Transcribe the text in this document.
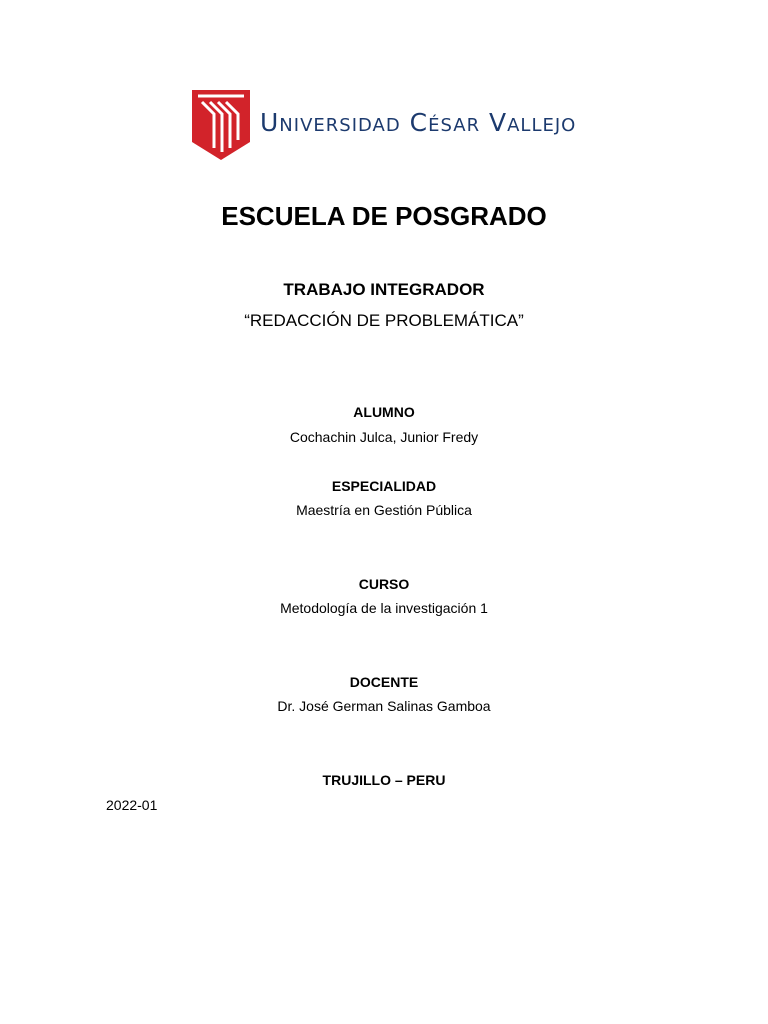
Universidad César Vallejo
ESCUELA DE POSGRADO
TRABAJO INTEGRADOR
“REDACCIÓN DE PROBLEMÁTICA”
ALUMNO
Cochachin Julca, Junior Fredy
ESPECIALIDAD
Maestría en Gestión Pública
CURSO
Metodología de la investigación 1
DOCENTE
Dr. José German Salinas Gamboa
TRUJILLO – PERU
2022-01
